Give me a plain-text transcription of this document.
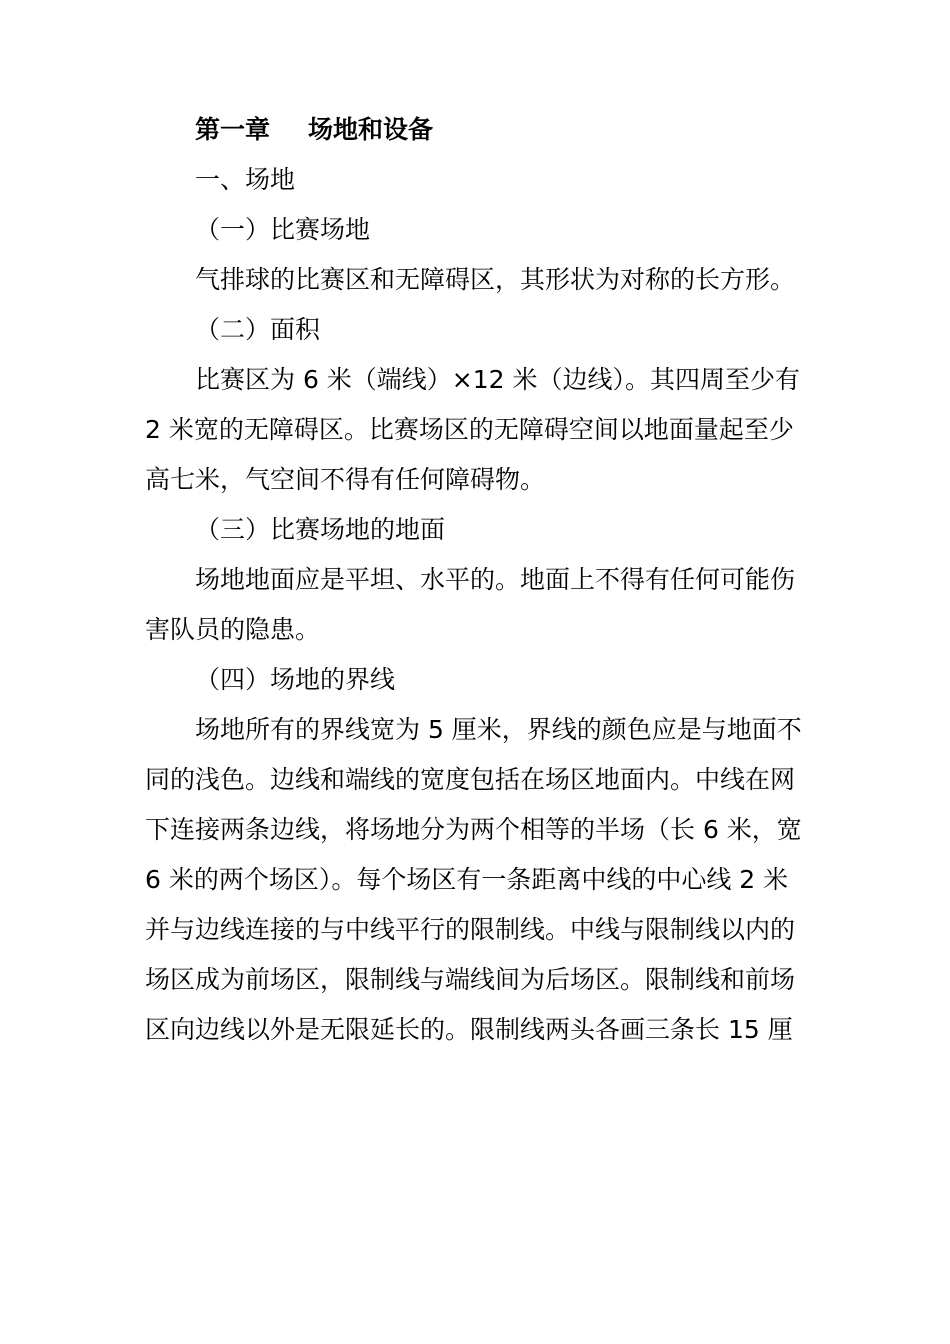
第一章 场地和设备
一、场地
（一）比赛场地
气排球的比赛区和无障碍区，其形状为对称的长方形。
（二）面积
比赛区为 6 米（端线）×12 米（边线）。其四周至少有
2 米宽的无障碍区。比赛场区的无障碍空间以地面量起至少
高七米，气空间不得有任何障碍物。
（三）比赛场地的地面
场地地面应是平坦、水平的。地面上不得有任何可能伤
害队员的隐患。
（四）场地的界线
场地所有的界线宽为 5 厘米，界线的颜色应是与地面不
同的浅色。边线和端线的宽度包括在场区地面内。中线在网
下连接两条边线，将场地分为两个相等的半场（长 6 米，宽
6 米的两个场区）。每个场区有一条距离中线的中心线 2 米
并与边线连接的与中线平行的限制线。中线与限制线以内的
场区成为前场区，限制线与端线间为后场区。限制线和前场
区向边线以外是无限延长的。限制线两头各画三条长 15 厘
